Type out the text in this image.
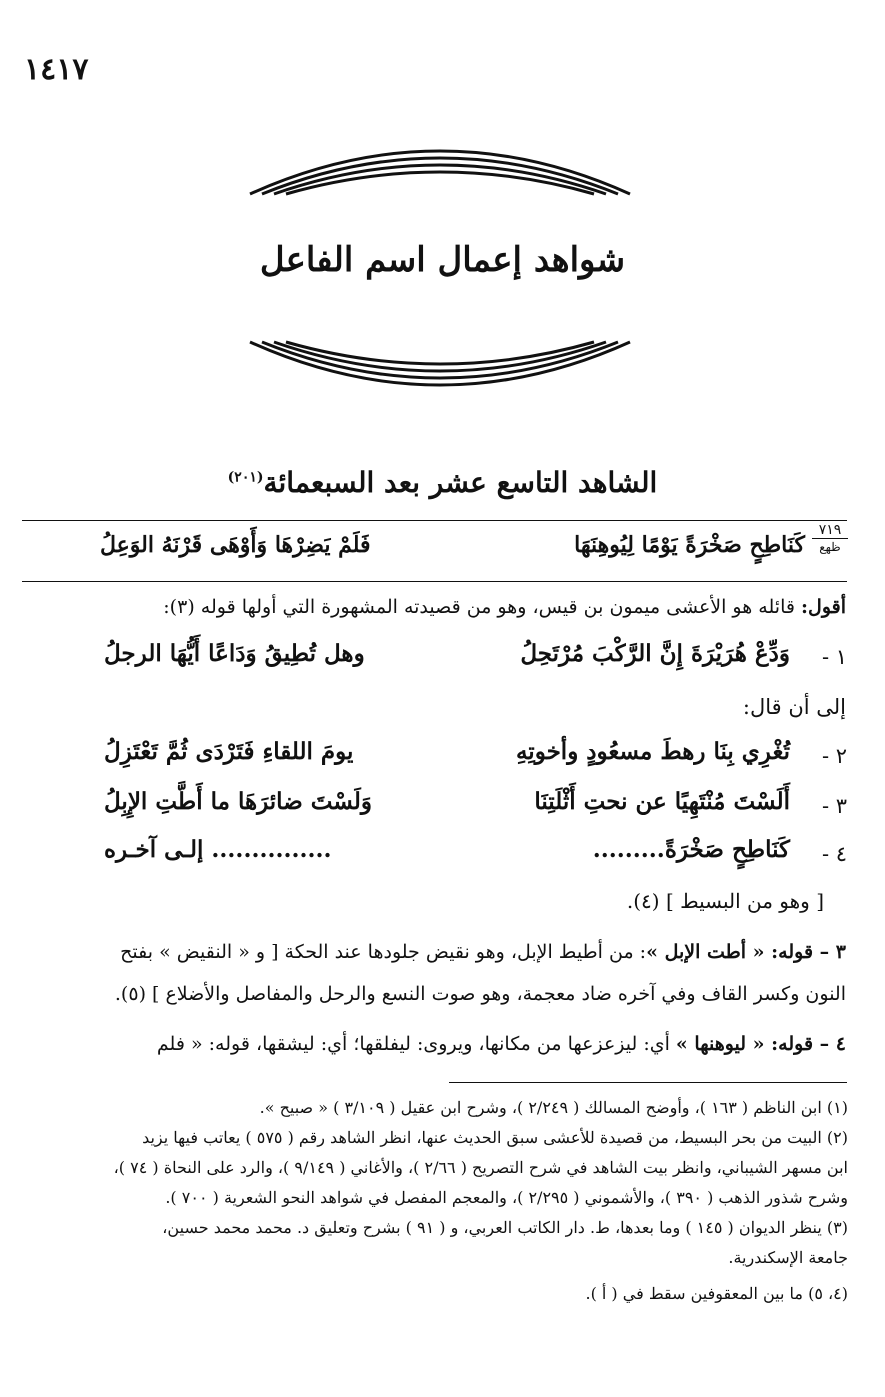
١٤١٧
شواهد إعمال اسم الفاعل
الشاهد التاسع عشر بعد السبعمائة$^{(٢٠١)}$
٧١٩
ظهع
كَنَاطِحٍ صَخْرَةً يَوْمًا لِيُوهِنَهَا
فَلَمْ يَضِرْهَا وَأَوْهَى قَرْنَهُ الوَعِلُ
أقول: قائله هو الأعشى ميمون بن قيس، وهو من قصيدته المشهورة التي أولها قوله (٣):
١ -
وَدِّعْ هُرَيْرَةَ إِنَّ الرَّكْبَ مُرْتَحِلُ
وهل تُطِيقُ وَدَاعًا أَيُّهَا الرجلُ
إلى أن قال:
٢ -
تُغْرِي بِنَا رهطَ مسعُودٍ وأخوتِهِ
يومَ اللقاءِ فَتَرْدَى ثُمَّ تَعْتَزِلُ
٣ -
أَلَسْتَ مُنْتَهِيًا عن نحتِ أَثْلَتِنَا
وَلَسْتَ ضائرَهَا ما أَطَّتِ الإِبِلُ
٤ -
كَنَاطِحٍ صَخْرَةً.........
............... إلـى آخـره
[ وهو من البسيط ] (٤).
٣ – قوله: « أطت الإبل »: من أطيط الإبل، وهو نقيض جلودها عند الحكة [ و « النقيض » بفتح
النون وكسر القاف وفي آخره ضاد معجمة، وهو صوت النسع والرحل والمفاصل والأضلاع ] (٥).
٤ – قوله: « ليوهنها » أي: ليزعزعها من مكانها، ويروى: ليفلقها؛ أي: ليشقها، قوله: « فلم
(١) ابن الناظم ( ١٦٣ )، وأوضح المسالك ( ٢/٢٤٩ )، وشرح ابن عقيل ( ٣/١٠٩ ) « صبيح ».
(٢) البيت من بحر البسيط، من قصيدة للأعشى سبق الحديث عنها، انظر الشاهد رقم ( ٥٧٥ ) يعاتب فيها يزيد
ابن مسهر الشيباني، وانظر بيت الشاهد في شرح التصريح ( ٢/٦٦ )، والأغاني ( ٩/١٤٩ )، والرد على النحاة ( ٧٤ )،
وشرح شذور الذهب ( ٣٩٠ )، والأشموني ( ٢/٢٩٥ )، والمعجم المفصل في شواهد النحو الشعرية ( ٧٠٠ ).
(٣) ينظر الديوان ( ١٤٥ ) وما بعدها، ط. دار الكاتب العربي، و ( ٩١ ) بشرح وتعليق د. محمد محمد حسين،
جامعة الإسكندرية.
(٤، ٥) ما بين المعقوفين سقط في ( أ ).
